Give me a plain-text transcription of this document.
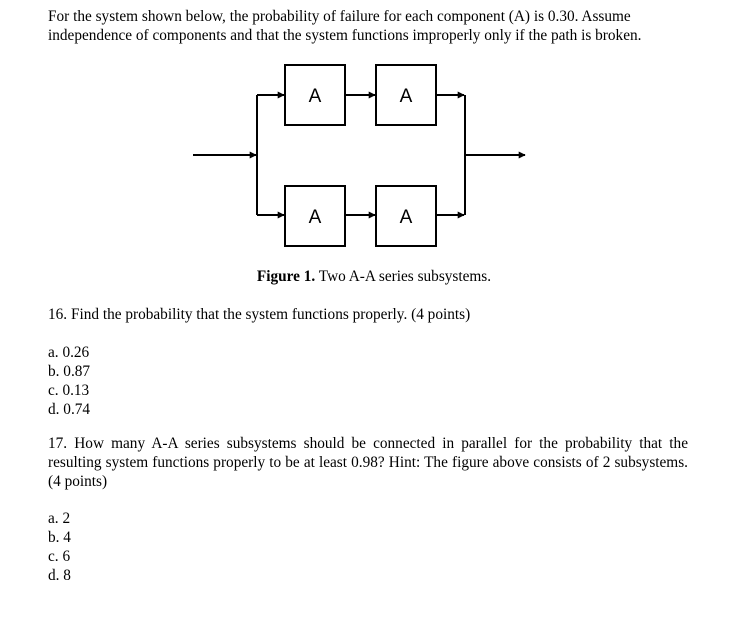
For the system shown below, the probability of failure for each component (A) is 0.30. Assume independence of components and that the system functions improperly only if the path is broken.

A	A
A	A

Figure 1. Two A-A series subsystems.

16. Find the probability that the system functions properly. (4 points)

a. 0.26
b. 0.87
c. 0.13
d. 0.74

17. How many A-A series subsystems should be connected in parallel for the probability that the resulting system functions properly to be at least 0.98? Hint: The figure above consists of 2 subsystems. (4 points)

a. 2
b. 4
c. 6
d. 8
